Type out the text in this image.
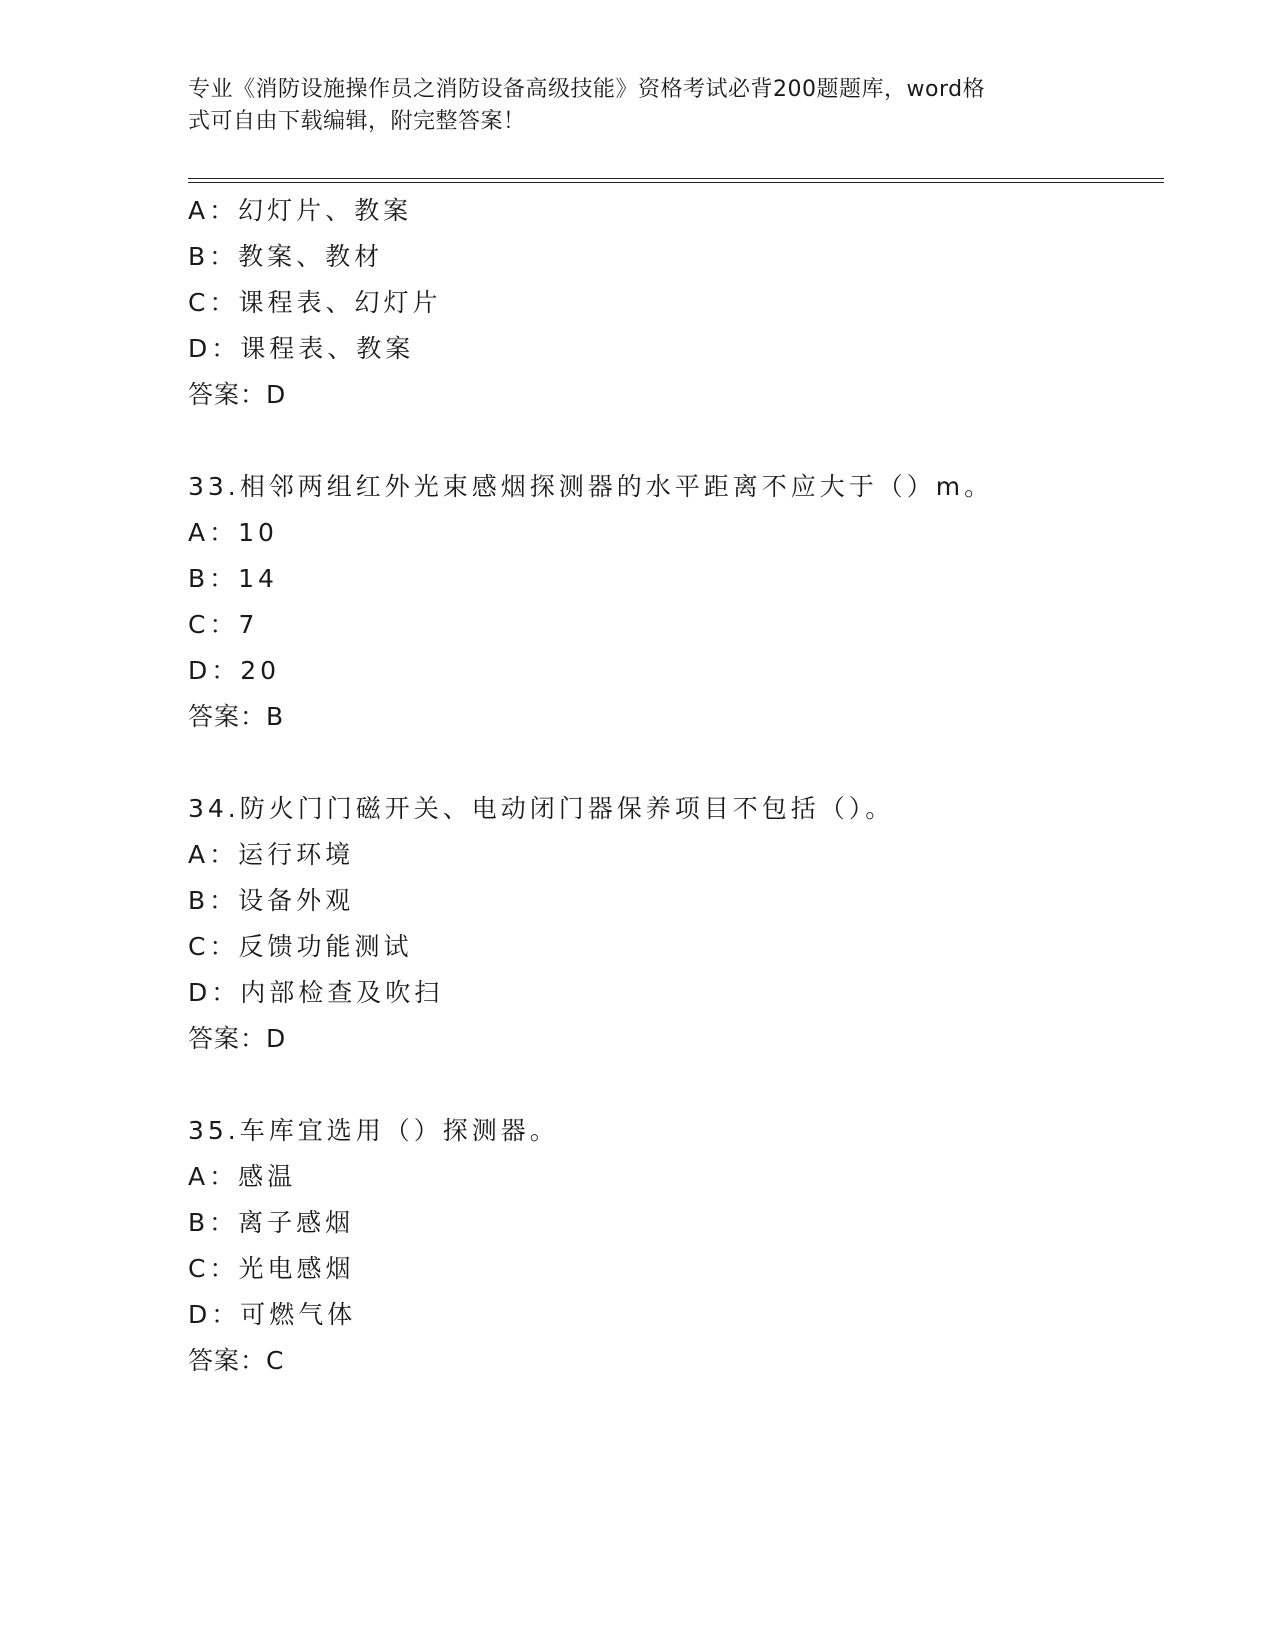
专业《消防设施操作员之消防设备高级技能》资格考试必背200题题库，word格
式可自由下载编辑，附完整答案！
A：幻灯片、教案
B：教案、教材
C：课程表、幻灯片
D：课程表、教案
答案：D
33.相邻两组红外光束感烟探测器的水平距离不应大于（）m。
A：10
B：14
C：7
D：20
答案：B
34.防火门门磁开关、电动闭门器保养项目不包括（）。
A：运行环境
B：设备外观
C：反馈功能测试
D：内部检查及吹扫
答案：D
35.车库宜选用（）探测器。
A：感温
B：离子感烟
C：光电感烟
D：可燃气体
答案：C
